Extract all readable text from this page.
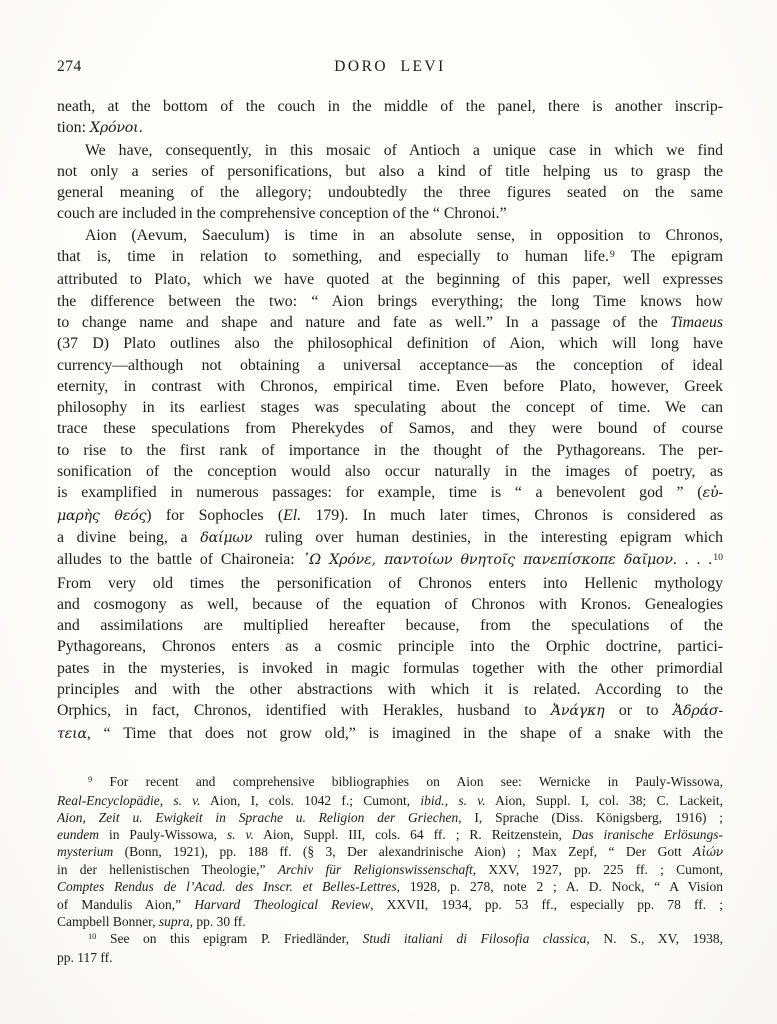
274	DORO LEVI
neath, at the bottom of the couch in the middle of the panel, there is another inscrip-
tion: Χρόνοι.
We have, consequently, in this mosaic of Antioch a unique case in which we find
not only a series of personifications, but also a kind of title helping us to grasp the
general meaning of the allegory; undoubtedly the three figures seated on the same
couch are included in the comprehensive conception of the “ Chronoi.”
Aion (Aevum, Saeculum) is time in an absolute sense, in opposition to Chronos,
that is, time in relation to something, and especially to human life.$^9$ The epigram
attributed to Plato, which we have quoted at the beginning of this paper, well expresses
the difference between the two: “ Aion brings everything; the long Time knows how
to change name and shape and nature and fate as well.” In a passage of the Timaeus
(37 D) Plato outlines also the philosophical definition of Aion, which will long have
currency—although not obtaining a universal acceptance—as the conception of ideal
eternity, in contrast with Chronos, empirical time. Even before Plato, however, Greek
philosophy in its earliest stages was speculating about the concept of time. We can
trace these speculations from Pherekydes of Samos, and they were bound of course
to rise to the first rank of importance in the thought of the Pythagoreans. The per-
sonification of the conception would also occur naturally in the images of poetry, as
is examplified in numerous passages: for example, time is “ a benevolent god ” (εὐ-
μαρὴς θεός) for Sophocles (El. 179). In much later times, Chronos is considered as
a divine being, a δαίμων ruling over human destinies, in the interesting epigram which
alludes to the battle of Chaironeia: ᾿Ω Χρόνε, παντοίων θνητοῖς πανεπίσκοπε δαῖμον. . . .$^{10}$
From very old times the personification of Chronos enters into Hellenic mythology
and cosmogony as well, because of the equation of Chronos with Kronos. Genealogies
and assimilations are multiplied hereafter because, from the speculations of the
Pythagoreans, Chronos enters as a cosmic principle into the Orphic doctrine, partici-
pates in the mysteries, is invoked in magic formulas together with the other primordial
principles and with the other abstractions with which it is related. According to the
Orphics, in fact, Chronos, identified with Herakles, husband to Ἀνάγκη or to Ἀδράσ-
τεια, “ Time that does not grow old,” is imagined in the shape of a snake with the
$^9$ For recent and comprehensive bibliographies on Aion see: Wernicke in Pauly-Wissowa,
Real-Encyclopädie, s. v. Aion, I, cols. 1042 f.; Cumont, ibid., s. v. Aion, Suppl. I, col. 38; C. Lackeit,
Aion, Zeit u. Ewigkeit in Sprache u. Religion der Griechen, I, Sprache (Diss. Königsberg, 1916) ;
eundem in Pauly-Wissowa, s. v. Aion, Suppl. III, cols. 64 ff. ; R. Reitzenstein, Das iranische Erlösungs-
mysterium (Bonn, 1921), pp. 188 ff. (§ 3, Der alexandrinische Aion) ; Max Zepf, “ Der Gott Αἰών
in der hellenistischen Theologie,” Archiv für Religionswissenschaft, XXV, 1927, pp. 225 ff. ; Cumont,
Comptes Rendus de l’Acad. des Inscr. et Belles-Lettres, 1928, p. 278, note 2 ; A. D. Nock, “ A Vision
of Mandulis Aion,” Harvard Theological Review, XXVII, 1934, pp. 53 ff., especially pp. 78 ff. ;
Campbell Bonner, supra, pp. 30 ff.
$^{10}$ See on this epigram P. Friedländer, Studi italiani di Filosofia classica, N. S., XV, 1938,
pp. 117 ff.
